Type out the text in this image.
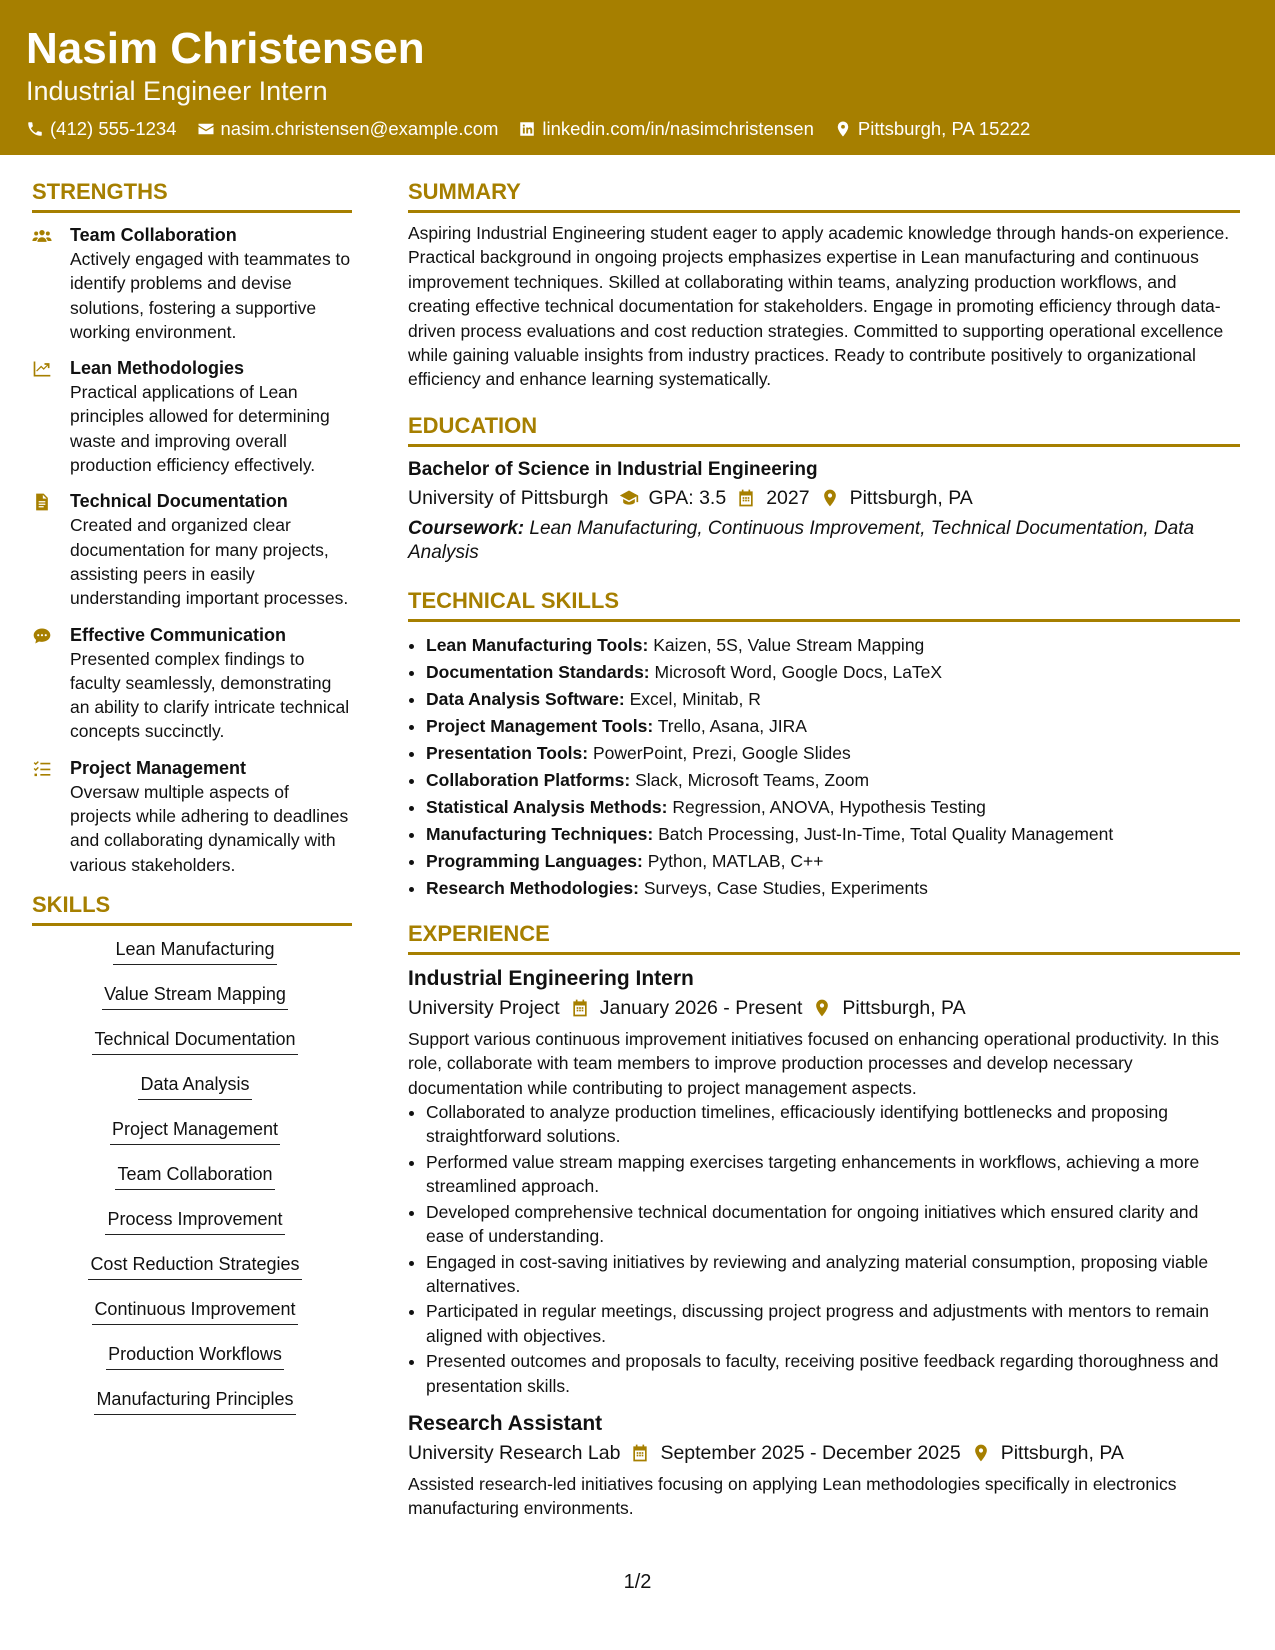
Nasim Christensen
Industrial Engineer Intern
(412) 555-1234 nasim.christensen@example.com linkedin.com/in/nasimchristensen Pittsburgh, PA 15222
STRENGTHS
Team Collaboration
Actively engaged with teammates to identify problems and devise solutions, fostering a supportive working environment.
Lean Methodologies
Practical applications of Lean principles allowed for determining waste and improving overall production efficiency effectively.
Technical Documentation
Created and organized clear documentation for many projects, assisting peers in easily understanding important processes.
Effective Communication
Presented complex findings to faculty seamlessly, demonstrating an ability to clarify intricate technical concepts succinctly.
Project Management
Oversaw multiple aspects of projects while adhering to deadlines and collaborating dynamically with various stakeholders.
SKILLS
Lean Manufacturing
Value Stream Mapping
Technical Documentation
Data Analysis
Project Management
Team Collaboration
Process Improvement
Cost Reduction Strategies
Continuous Improvement
Production Workflows
Manufacturing Principles
SUMMARY
Aspiring Industrial Engineering student eager to apply academic knowledge through hands-on experience. Practical background in ongoing projects emphasizes expertise in Lean manufacturing and continuous improvement techniques. Skilled at collaborating within teams, analyzing production workflows, and creating effective technical documentation for stakeholders. Engage in promoting efficiency through data-driven process evaluations and cost reduction strategies. Committed to supporting operational excellence while gaining valuable insights from industry practices. Ready to contribute positively to organizational efficiency and enhance learning systematically.
EDUCATION
Bachelor of Science in Industrial Engineering
University of Pittsburgh GPA: 3.5 2027 Pittsburgh, PA
Coursework: Lean Manufacturing, Continuous Improvement, Technical Documentation, Data Analysis
TECHNICAL SKILLS
• Lean Manufacturing Tools: Kaizen, 5S, Value Stream Mapping
• Documentation Standards: Microsoft Word, Google Docs, LaTeX
• Data Analysis Software: Excel, Minitab, R
• Project Management Tools: Trello, Asana, JIRA
• Presentation Tools: PowerPoint, Prezi, Google Slides
• Collaboration Platforms: Slack, Microsoft Teams, Zoom
• Statistical Analysis Methods: Regression, ANOVA, Hypothesis Testing
• Manufacturing Techniques: Batch Processing, Just-In-Time, Total Quality Management
• Programming Languages: Python, MATLAB, C++
• Research Methodologies: Surveys, Case Studies, Experiments
EXPERIENCE
Industrial Engineering Intern
University Project January 2026 - Present Pittsburgh, PA
Support various continuous improvement initiatives focused on enhancing operational productivity. In this role, collaborate with team members to improve production processes and develop necessary documentation while contributing to project management aspects.
• Collaborated to analyze production timelines, efficaciously identifying bottlenecks and proposing straightforward solutions.
• Performed value stream mapping exercises targeting enhancements in workflows, achieving a more streamlined approach.
• Developed comprehensive technical documentation for ongoing initiatives which ensured clarity and ease of understanding.
• Engaged in cost-saving initiatives by reviewing and analyzing material consumption, proposing viable alternatives.
• Participated in regular meetings, discussing project progress and adjustments with mentors to remain aligned with objectives.
• Presented outcomes and proposals to faculty, receiving positive feedback regarding thoroughness and presentation skills.
Research Assistant
University Research Lab September 2025 - December 2025 Pittsburgh, PA
Assisted research-led initiatives focusing on applying Lean methodologies specifically in electronics manufacturing environments.
1/2
